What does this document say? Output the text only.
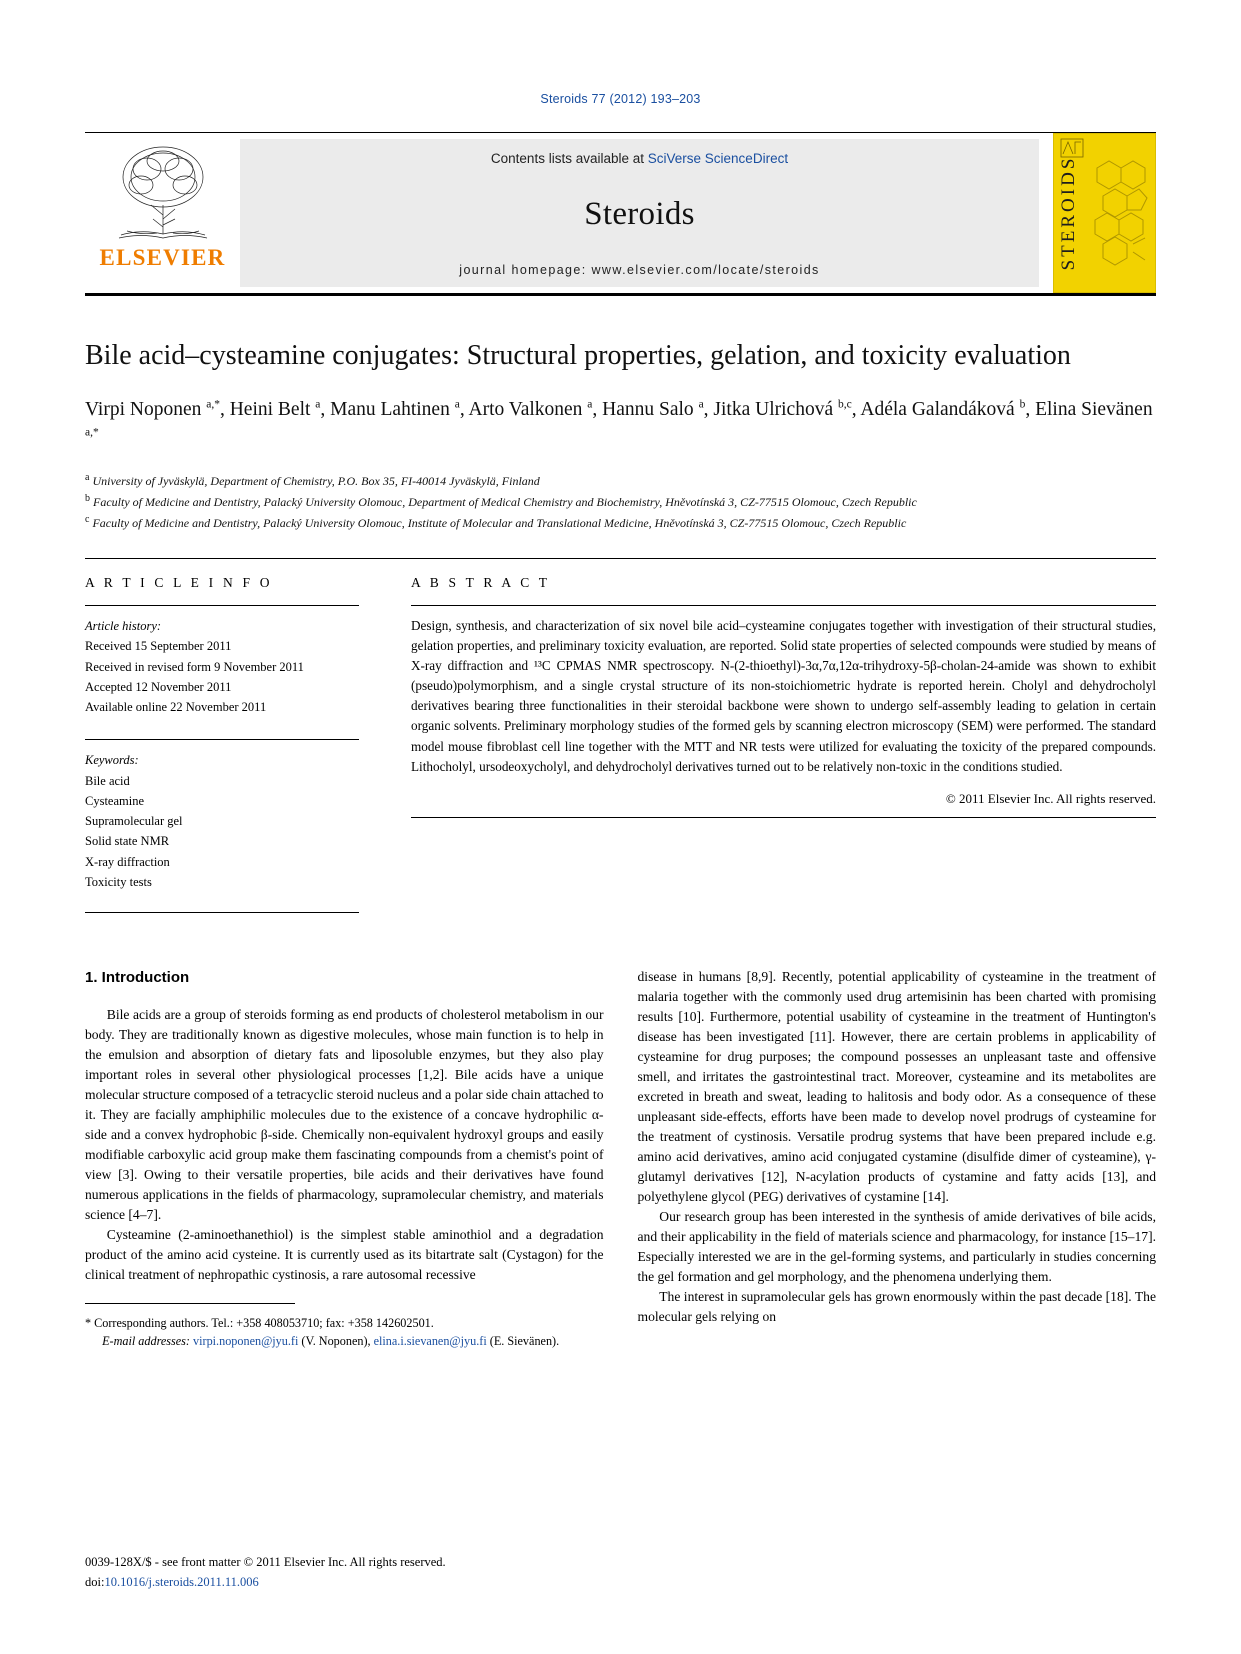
Steroids 77 (2012) 193–203
ELSEVIER
Contents lists available at SciVerse ScienceDirect
Steroids
journal homepage: www.elsevier.com/locate/steroids	STEROIDS
Bile acid–cysteamine conjugates: Structural properties, gelation, and toxicity evaluation
Virpi Noponen $^{a,*}$, Heini Belt $^a$, Manu Lahtinen $^a$, Arto Valkonen $^a$, Hannu Salo $^a$, Jitka Ulrichová $^{b,c}$, Adéla Galandáková $^b$, Elina Sievänen $^{a,*}$
$^a$ University of Jyväskylä, Department of Chemistry, P.O. Box 35, FI-40014 Jyväskylä, Finland
$^b$ Faculty of Medicine and Dentistry, Palacký University Olomouc, Department of Medical Chemistry and Biochemistry, Hněvotínská 3, CZ-77515 Olomouc, Czech Republic
$^c$ Faculty of Medicine and Dentistry, Palacký University Olomouc, Institute of Molecular and Translational Medicine, Hněvotínská 3, CZ-77515 Olomouc, Czech Republic
A R T I C L E I N F O
Article history:
Received 15 September 2011
Received in revised form 9 November 2011
Accepted 12 November 2011
Available online 22 November 2011
Keywords:
Bile acid
Cysteamine
Supramolecular gel
Solid state NMR
X-ray diffraction
Toxicity tests
A B S T R A C T
Design, synthesis, and characterization of six novel bile acid–cysteamine conjugates together with investigation of their structural studies, gelation properties, and preliminary toxicity evaluation, are reported. Solid state properties of selected compounds were studied by means of X-ray diffraction and ¹³C CPMAS NMR spectroscopy. N-(2-thioethyl)-3α,7α,12α-trihydroxy-5β-cholan-24-amide was shown to exhibit (pseudo)polymorphism, and a single crystal structure of its non-stoichiometric hydrate is reported herein. Cholyl and dehydrocholyl derivatives bearing three functionalities in their steroidal backbone were shown to undergo self-assembly leading to gelation in certain organic solvents. Preliminary morphology studies of the formed gels by scanning electron microscopy (SEM) were performed. The standard model mouse fibroblast cell line together with the MTT and NR tests were utilized for evaluating the toxicity of the prepared compounds. Lithocholyl, ursodeoxycholyl, and dehydrocholyl derivatives turned out to be relatively non-toxic in the conditions studied.
© 2011 Elsevier Inc. All rights reserved.
1. Introduction

Bile acids are a group of steroids forming as end products of cholesterol metabolism in our body. They are traditionally known as digestive molecules, whose main function is to help in the emulsion and absorption of dietary fats and liposoluble enzymes, but they also play important roles in several other physiological processes [1,2]. Bile acids have a unique molecular structure composed of a tetracyclic steroid nucleus and a polar side chain attached to it. They are facially amphiphilic molecules due to the existence of a concave hydrophilic α-side and a convex hydrophobic β-side. Chemically non-equivalent hydroxyl groups and easily modifiable carboxylic acid group make them fascinating compounds from a chemist's point of view [3]. Owing to their versatile properties, bile acids and their derivatives have found numerous applications in the fields of pharmacology, supramolecular chemistry, and materials science [4–7].

Cysteamine (2-aminoethanethiol) is the simplest stable aminothiol and a degradation product of the amino acid cysteine. It is currently used as its bitartrate salt (Cystagon) for the clinical treatment of nephropathic cystinosis, a rare autosomal recessive

* Corresponding authors. Tel.: +358 408053710; fax: +358 142602501.
E-mail addresses: virpi.noponen@jyu.fi (V. Noponen), elina.i.sievanen@jyu.fi (E. Sievänen).

disease in humans [8,9]. Recently, potential applicability of cysteamine in the treatment of malaria together with the commonly used drug artemisinin has been charted with promising results [10]. Furthermore, potential usability of cysteamine in the treatment of Huntington's disease has been investigated [11]. However, there are certain problems in applicability of cysteamine for drug purposes; the compound possesses an unpleasant taste and offensive smell, and irritates the gastrointestinal tract. Moreover, cysteamine and its metabolites are excreted in breath and sweat, leading to halitosis and body odor. As a consequence of these unpleasant side-effects, efforts have been made to develop novel prodrugs of cysteamine for the treatment of cystinosis. Versatile prodrug systems that have been prepared include e.g. amino acid derivatives, amino acid conjugated cystamine (disulfide dimer of cysteamine), γ-glutamyl derivatives [12], N-acylation products of cystamine and fatty acids [13], and polyethylene glycol (PEG) derivatives of cystamine [14].

Our research group has been interested in the synthesis of amide derivatives of bile acids, and their applicability in the field of materials science and pharmacology, for instance [15–17]. Especially interested we are in the gel-forming systems, and particularly in studies concerning the gel formation and gel morphology, and the phenomena underlying them.

The interest in supramolecular gels has grown enormously within the past decade [18]. The molecular gels relying on

0039-128X/$ - see front matter © 2011 Elsevier Inc. All rights reserved.
doi:10.1016/j.steroids.2011.11.006
